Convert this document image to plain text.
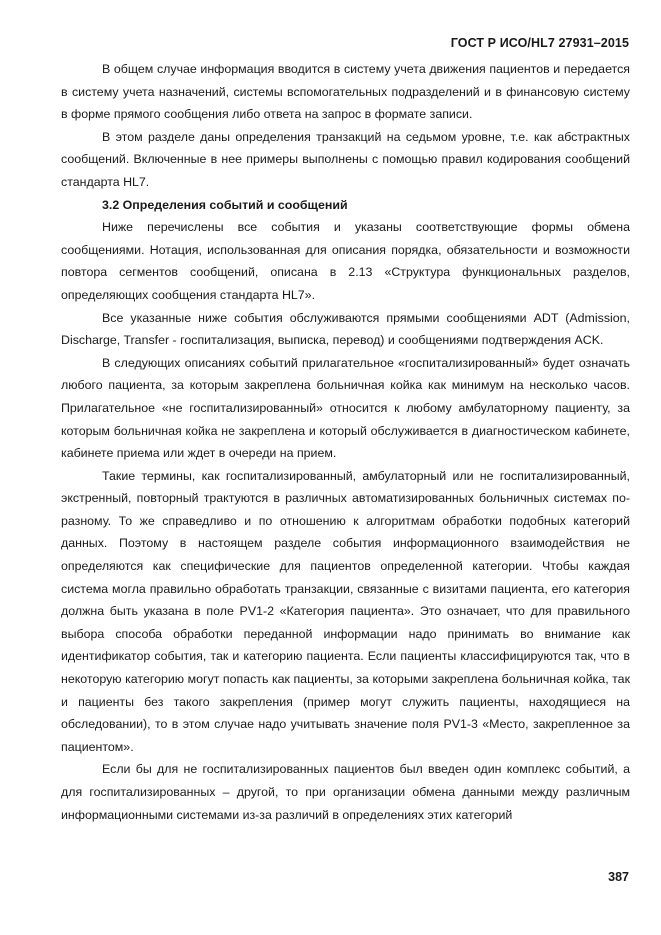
ГОСТ Р ИСО/HL7 27931–2015

В общем случае информация вводится в систему учета движения пациентов и передается в систему учета назначений, системы вспомогательных подразделений и в финансовую систему в форме прямого сообщения либо ответа на запрос в формате записи.

В этом разделе даны определения транзакций на седьмом уровне, т.е. как абстрактных сообщений. Включенные в нее примеры выполнены с помощью правил кодирования сообщений стандарта HL7.

3.2 Определения событий и сообщений

Ниже перечислены все события и указаны соответствующие формы обмена сообщениями. Нотация, использованная для описания порядка, обязательности и возможности повтора сегментов сообщений, описана в 2.13 «Структура функциональных разделов, определяющих сообщения стандарта HL7».

Все указанные ниже события обслуживаются прямыми сообщениями ADT (Admission, Discharge, Transfer - госпитализация, выписка, перевод) и сообщениями подтверждения ACK.

В следующих описаниях событий прилагательное «госпитализированный» будет означать любого пациента, за которым закреплена больничная койка как минимум на несколько часов. Прилагательное «не госпитализированный» относится к любому амбулаторному пациенту, за которым больничная койка не закреплена и который обслуживается в диагностическом кабинете, кабинете приема или ждет в очереди на прием.

Такие термины, как госпитализированный, амбулаторный или не госпитализированный, экстренный, повторный трактуются в различных автоматизированных больничных системах по-разному. То же справедливо и по отношению к алгоритмам обработки подобных категорий данных. Поэтому в настоящем разделе события информационного взаимодействия не определяются как специфические для пациентов определенной категории. Чтобы каждая система могла правильно обработать транзакции, связанные с визитами пациента, его категория должна быть указана в поле PV1-2 «Категория пациента». Это означает, что для правильного выбора способа обработки переданной информации надо принимать во внимание как идентификатор события, так и категорию пациента. Если пациенты классифицируются так, что в некоторую категорию могут попасть как пациенты, за которыми закреплена больничная койка, так и пациенты без такого закрепления (пример могут служить пациенты, находящиеся на обследовании), то в этом случае надо учитывать значение поля PV1-3 «Место, закрепленное за пациентом».

Если бы для не госпитализированных пациентов был введен один комплекс событий, а для госпитализированных – другой, то при организации обмена данными между различным информационными системами из-за различий в определениях этих категорий

387
